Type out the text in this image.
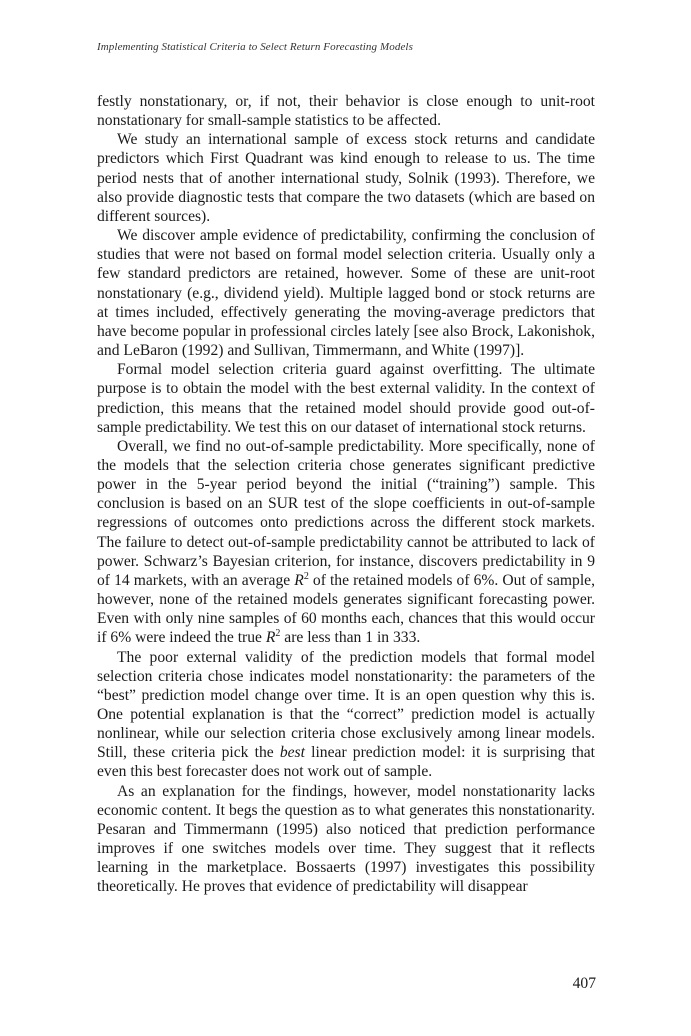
Implementing Statistical Criteria to Select Return Forecasting Models

festly nonstationary, or, if not, their behavior is close enough to unit-root nonstationary for small-sample statistics to be affected.

We study an international sample of excess stock returns and candidate predictors which First Quadrant was kind enough to release to us. The time period nests that of another international study, Solnik (1993). Therefore, we also provide diagnostic tests that compare the two datasets (which are based on different sources).

We discover ample evidence of predictability, confirming the conclusion of studies that were not based on formal model selection criteria. Usually only a few standard predictors are retained, however. Some of these are unit-root nonstationary (e.g., dividend yield). Multiple lagged bond or stock returns are at times included, effectively generating the moving-average predictors that have become popular in professional circles lately [see also Brock, Lakonishok, and LeBaron (1992) and Sullivan, Timmermann, and White (1997)].

Formal model selection criteria guard against overfitting. The ultimate purpose is to obtain the model with the best external validity. In the context of prediction, this means that the retained model should provide good out-of-sample predictability. We test this on our dataset of international stock returns.

Overall, we find no out-of-sample predictability. More specifically, none of the models that the selection criteria chose generates significant predictive power in the 5-year period beyond the initial (“training”) sample. This conclusion is based on an SUR test of the slope coefficients in out-of-sample regressions of outcomes onto predictions across the different stock markets. The failure to detect out-of-sample predictability cannot be attributed to lack of power. Schwarz’s Bayesian criterion, for instance, discovers predictability in 9 of 14 markets, with an average $R^2$ of the retained models of 6%. Out of sample, however, none of the retained models generates significant forecasting power. Even with only nine samples of 60 months each, chances that this would occur if 6% were indeed the true $R^2$ are less than 1 in 333.

The poor external validity of the prediction models that formal model selection criteria chose indicates model nonstationarity: the parameters of the “best” prediction model change over time. It is an open question why this is. One potential explanation is that the “correct” prediction model is actually nonlinear, while our selection criteria chose exclusively among linear models. Still, these criteria pick the best linear prediction model: it is surprising that even this best forecaster does not work out of sample.

As an explanation for the findings, however, model nonstationarity lacks economic content. It begs the question as to what generates this nonstationarity. Pesaran and Timmermann (1995) also noticed that prediction performance improves if one switches models over time. They suggest that it reflects learning in the marketplace. Bossaerts (1997) investigates this possibility theoretically. He proves that evidence of predictability will disappear

407
